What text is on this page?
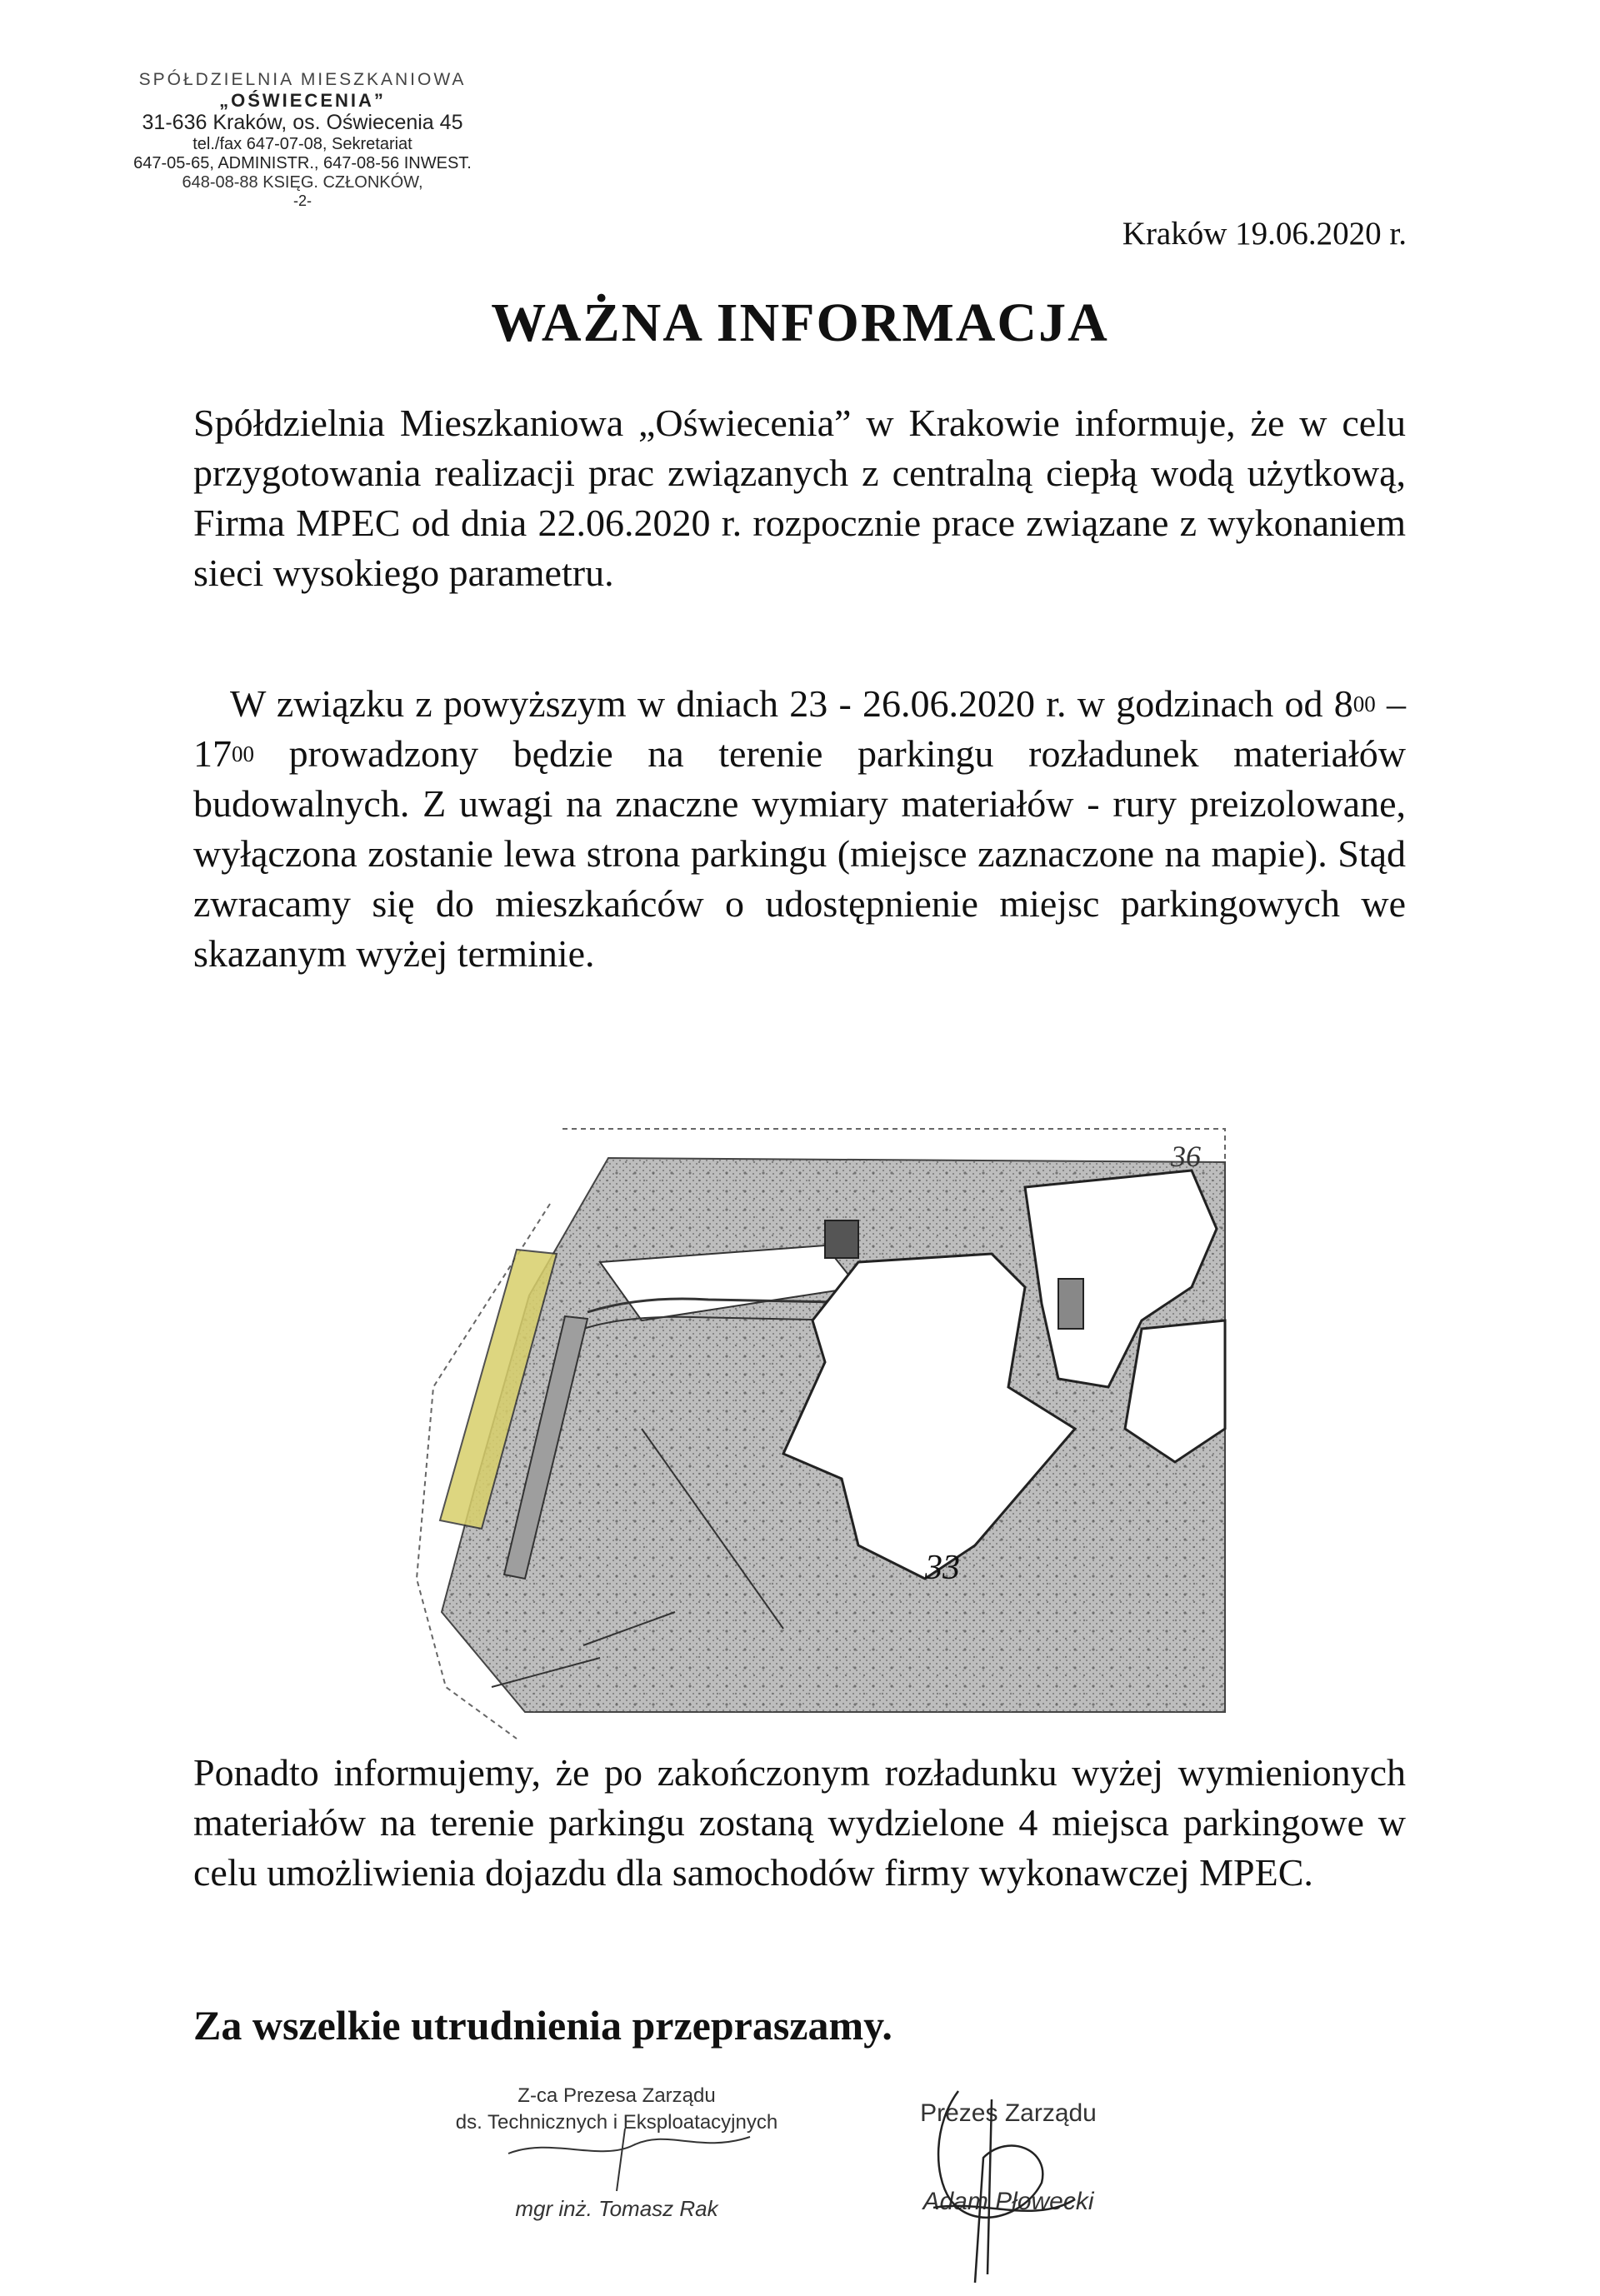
SPÓŁDZIELNIA MIESZKANIOWA
„OŚWIECENIA”
31-636 Kraków, os. Oświecenia 45
tel./fax 647-07-08, Sekretariat
647-05-65, ADMINISTR., 647-08-56 INWEST.
648-08-88 KSIĘG. CZŁONKÓW,
-2-
Kraków 19.06.2020 r.
WAŻNA INFORMACJA

Spółdzielnia Mieszkaniowa „Oświecenia” w Krakowie informuje, że w celu przygotowania realizacji prac związanych z centralną ciepłą wodą użytkową, Firma MPEC od dnia 22.06.2020 r. rozpocznie prace związane z wykonaniem sieci wysokiego parametru.

W związku z powyższym w dniach 23 - 26.06.2020 r. w godzinach od $8^{00} - 17^{00}$ prowadzony będzie na terenie parkingu rozładunek materiałów budowalnych. Z uwagi na znaczne wymiary materiałów - rury preizolowane, wyłączona zostanie lewa strona parkingu (miejsce zaznaczone na mapie). Stąd zwracamy się do mieszkańców o udostępnienie miejsc parkingowych we skazanym wyżej terminie.

33
36

Ponadto informujemy, że po zakończonym rozładunku wyżej wymienionych materiałów na terenie parkingu zostaną wydzielone 4 miejsca parkingowe w celu umożliwienia dojazdu dla samochodów firmy wykonawczej MPEC.

Za wszelkie utrudnienia przepraszamy.
Z-ca Prezesa Zarządu
ds. Technicznych i Eksploatacyjnych
mgr inż. Tomasz Rak
Prezes Zarządu
Adam Płowecki
